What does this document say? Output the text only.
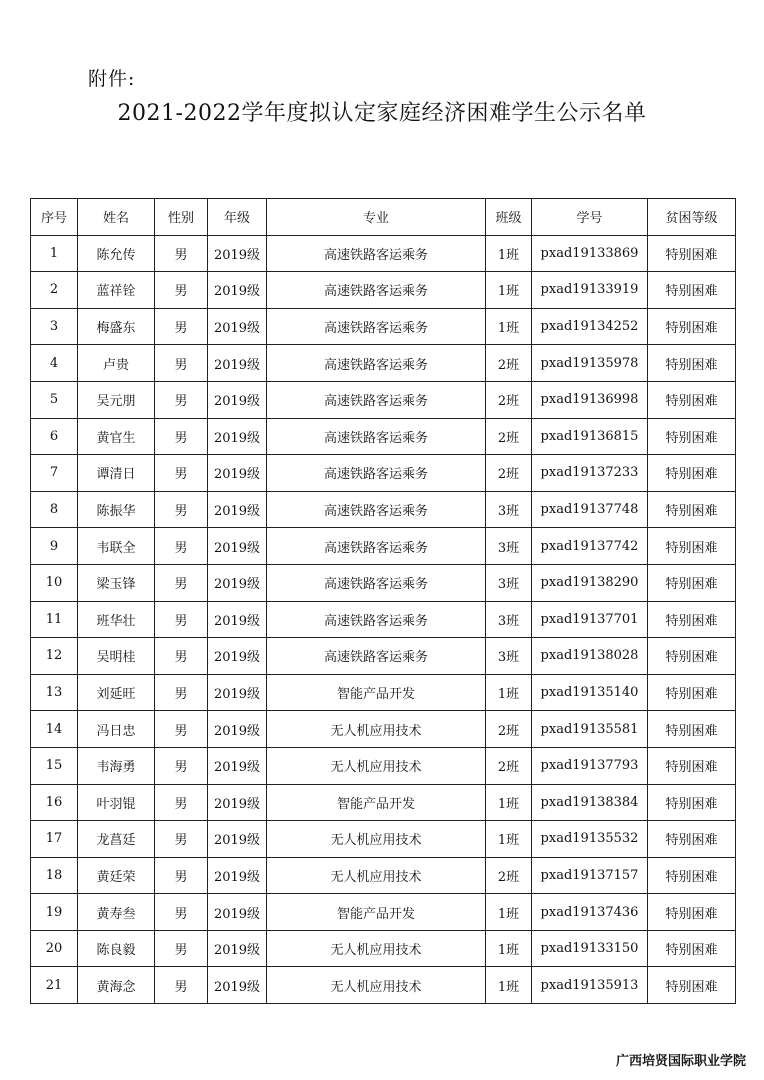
附件:
2021-2022学年度拟认定家庭经济困难学生公示名单
序号	姓名	性别	年级	专业	班级	学号	贫困等级
1	陈允传	男	2019级	高速铁路客运乘务	1班	pxad19133869	特别困难
2	蓝祥铨	男	2019级	高速铁路客运乘务	1班	pxad19133919	特别困难
3	梅盛东	男	2019级	高速铁路客运乘务	1班	pxad19134252	特别困难
4	卢贵	男	2019级	高速铁路客运乘务	2班	pxad19135978	特别困难
5	吴元朋	男	2019级	高速铁路客运乘务	2班	pxad19136998	特别困难
6	黄官生	男	2019级	高速铁路客运乘务	2班	pxad19136815	特别困难
7	谭清日	男	2019级	高速铁路客运乘务	2班	pxad19137233	特别困难
8	陈振华	男	2019级	高速铁路客运乘务	3班	pxad19137748	特别困难
9	韦联全	男	2019级	高速铁路客运乘务	3班	pxad19137742	特别困难
10	梁玉锋	男	2019级	高速铁路客运乘务	3班	pxad19138290	特别困难
11	班华壮	男	2019级	高速铁路客运乘务	3班	pxad19137701	特别困难
12	吴明桂	男	2019级	高速铁路客运乘务	3班	pxad19138028	特别困难
13	刘延旺	男	2019级	智能产品开发	1班	pxad19135140	特别困难
14	冯日忠	男	2019级	无人机应用技术	2班	pxad19135581	特别困难
15	韦海勇	男	2019级	无人机应用技术	2班	pxad19137793	特别困难
16	叶羽锟	男	2019级	智能产品开发	1班	pxad19138384	特别困难
17	龙菖廷	男	2019级	无人机应用技术	1班	pxad19135532	特别困难
18	黄廷荣	男	2019级	无人机应用技术	2班	pxad19137157	特别困难
19	黄寿叁	男	2019级	智能产品开发	1班	pxad19137436	特别困难
20	陈良毅	男	2019级	无人机应用技术	1班	pxad19133150	特别困难
21	黄海念	男	2019级	无人机应用技术	1班	pxad19135913	特别困难
广西培贤国际职业学院
